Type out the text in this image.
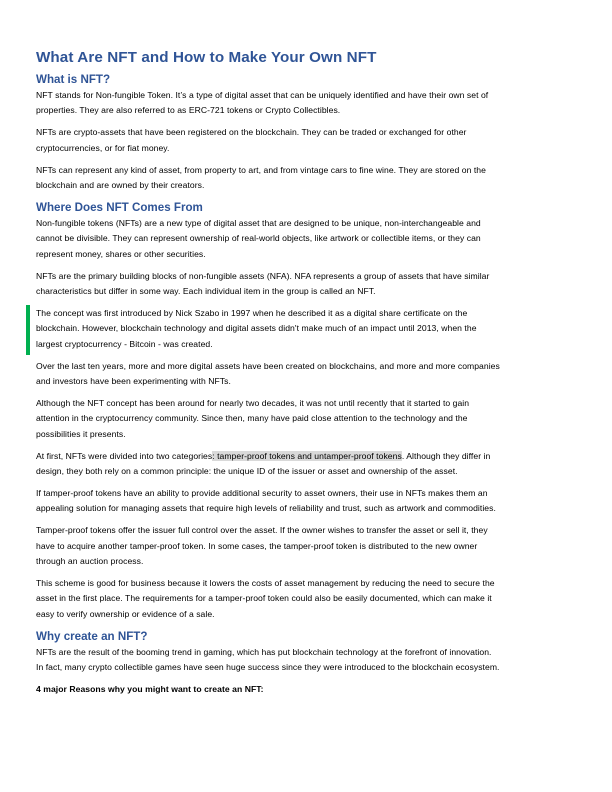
What Are NFT and How to Make Your Own NFT
What is NFT?

NFT stands for Non-fungible Token. It’s a type of digital asset that can be uniquely identified and have their own set of
properties. They are also referred to as ERC-721 tokens or Crypto Collectibles.

NFTs are crypto-assets that have been registered on the blockchain. They can be traded or exchanged for other
cryptocurrencies, or for fiat money.

NFTs can represent any kind of asset, from property to art, and from vintage cars to fine wine. They are stored on the
blockchain and are owned by their creators.

Where Does NFT Comes From

Non-fungible tokens (NFTs) are a new type of digital asset that are designed to be unique, non-interchangeable and
cannot be divisible. They can represent ownership of real-world objects, like artwork or collectible items, or they can
represent money, shares or other securities.

NFTs are the primary building blocks of non-fungible assets (NFA). NFA represents a group of assets that have similar
characteristics but differ in some way. Each individual item in the group is called an NFT.

The concept was first introduced by Nick Szabo in 1997 when he described it as a digital share certificate on the
blockchain. However, blockchain technology and digital assets didn't make much of an impact until 2013, when the
largest cryptocurrency - Bitcoin - was created.

Over the last ten years, more and more digital assets have been created on blockchains, and more and more companies
and investors have been experimenting with NFTs.

Although the NFT concept has been around for nearly two decades, it was not until recently that it started to gain
attention in the cryptocurrency community. Since then, many have paid close attention to the technology and the
possibilities it presents.

At first, NFTs were divided into two categories: tamper-proof tokens and untamper-proof tokens. Although they differ in
design, they both rely on a common principle: the unique ID of the issuer or asset and ownership of the asset.

If tamper-proof tokens have an ability to provide additional security to asset owners, their use in NFTs makes them an
appealing solution for managing assets that require high levels of reliability and trust, such as artwork and commodities.

Tamper-proof tokens offer the issuer full control over the asset. If the owner wishes to transfer the asset or sell it, they
have to acquire another tamper-proof token. In some cases, the tamper-proof token is distributed to the new owner
through an auction process.

This scheme is good for business because it lowers the costs of asset management by reducing the need to secure the
asset in the first place. The requirements for a tamper-proof token could also be easily documented, which can make it
easy to verify ownership or evidence of a sale.

Why create an NFT?

NFTs are the result of the booming trend in gaming, which has put blockchain technology at the forefront of innovation.
In fact, many crypto collectible games have seen huge success since they were introduced to the blockchain ecosystem.

4 major Reasons why you might want to create an NFT:
